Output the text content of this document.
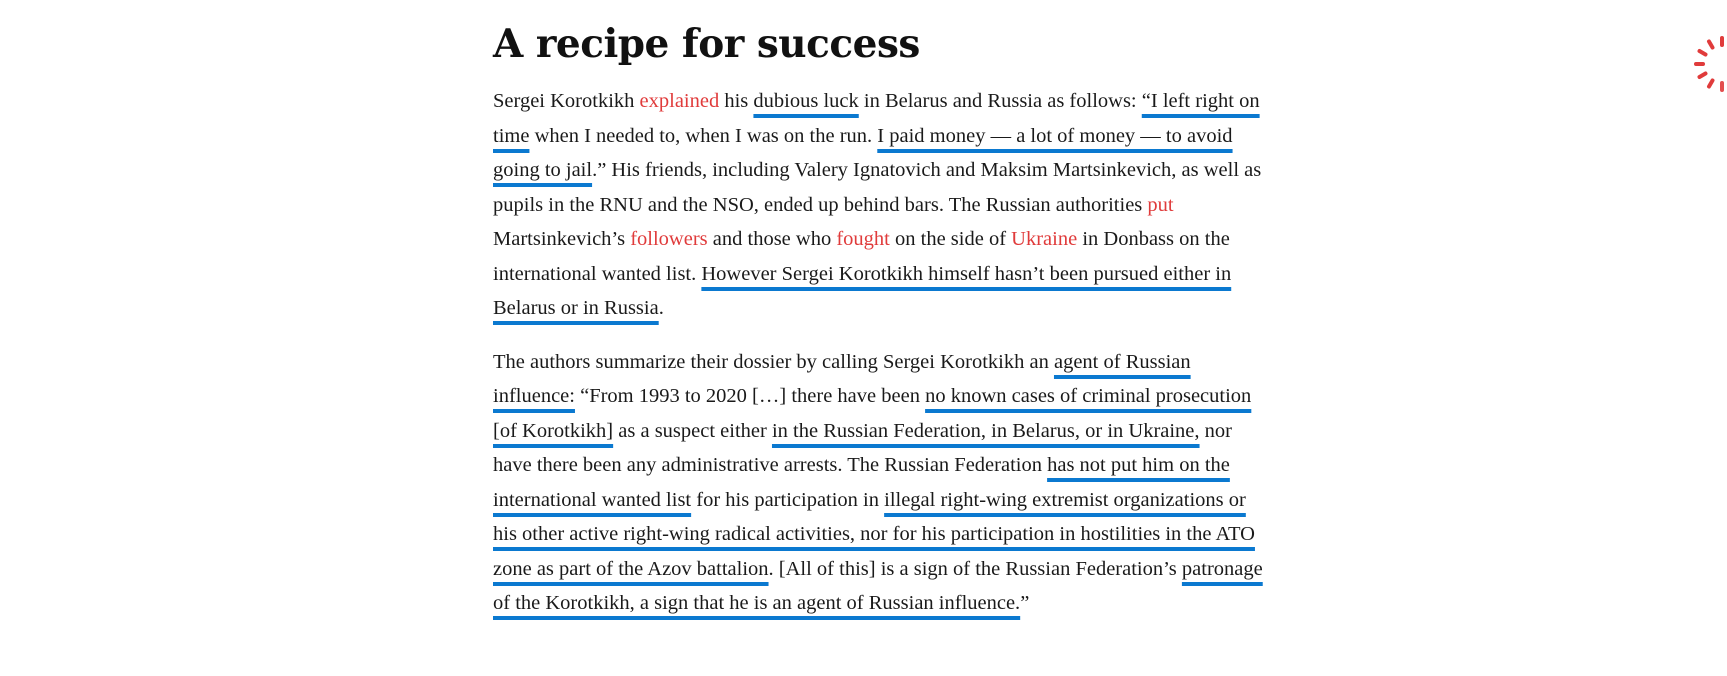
A recipe for success

Sergei Korotkikh explained his dubious luck in Belarus and Russia as follows: “I left right on time when I needed to, when I was on the run. I paid money — a lot of money — to avoid going to jail.” His friends, including Valery Ignatovich and Maksim Martsinkevich, as well as pupils in the RNU and the NSO, ended up behind bars. The Russian authorities put Martsinkevich’s followers and those who fought on the side of Ukraine in Donbass on the international wanted list. However Sergei Korotkikh himself hasn’t been pursued either in Belarus or in Russia.

The authors summarize their dossier by calling Sergei Korotkikh an agent of Russian influence: “From 1993 to 2020 […] there have been no known cases of criminal prosecution [of Korotkikh] as a suspect either in the Russian Federation, in Belarus, or in Ukraine, nor have there been any administrative arrests. The Russian Federation has not put him on the international wanted list for his participation in illegal right-wing extremist organizations or his other active right-wing radical activities, nor for his participation in hostilities in the ATO zone as part of the Azov battalion. [All of this] is a sign of the Russian Federation’s patronage of the Korotkikh, a sign that he is an agent of Russian influence.”
